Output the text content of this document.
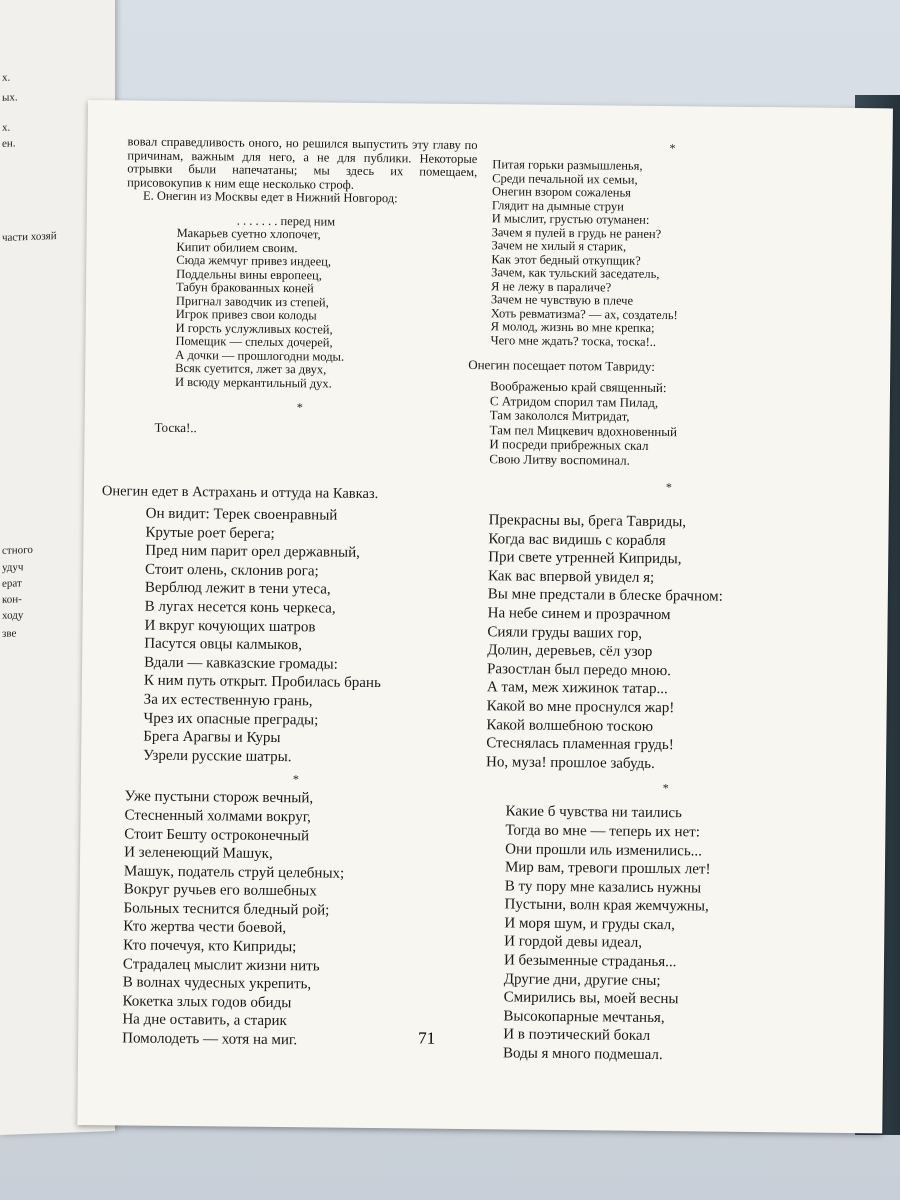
х.
ых.
х.
ен.
части хозяй
стного
удуч
ерат
кон-
ходу
звe

вовал справедливость оного, но решился выпустить эту главу по причинам, важным для него, а не для публики. Некоторые отрывки были напечатаны; мы здесь их помещаем, присовокупив к ним еще несколько строф.

Е. Онегин из Москвы едет в Нижний Новгород:

. . . . . . . перед ним

Макарьев суетно хлопочет,

Кипит обилием своим.

Сюда жемчуг привез индеец,

Поддельны вины европеец,

Табун бракованных коней

Пригнал заводчик из степей,

Игрок привез свои колоды

И горсть услужливых костей,

Помещик — спелых дочерей,

А дочки — прошлогодни моды.

Всяк суетится, лжет за двух,

И всюду меркантильный дух.

*

Тоска!..

Онегин едет в Астрахань и оттуда на Кавказ.

Он видит: Терек своенравный

Крутые роет берега;

Пред ним парит орел державный,

Стоит олень, склонив рога;

Верблюд лежит в тени утеса,

В лугах несется конь черкеса,

И вкруг кочующих шатров

Пасутся овцы калмыков,

Вдали — кавказские громады:

К ним путь открыт. Пробилась брань

За их естественную грань,

Чрез их опасные преграды;

Брега Арагвы и Куры

Узрели русские шатры.

*

Уже пустыни сторож вечный,

Стесненный холмами вокруг,

Стоит Бешту остроконечный

И зеленеющий Машук,

Машук, податель струй целебных;

Вокруг ручьев его волшебных

Больных теснится бледный рой;

Кто жертва чести боевой,

Кто почечуя, кто Киприды;

Страдалец мыслит жизни нить

В волнах чудесных укрепить,

Кокетка злых годов обиды

На дне оставить, а старик

Помолодеть — хотя на миг.

*

Питая горьки размышленья,

Среди печальной их семьи,

Онегин взором сожаленья

Глядит на дымные струи

И мыслит, грустью отуманен:

Зачем я пулей в грудь не ранен?

Зачем не хилый я старик,

Как этот бедный откупщик?

Зачем, как тульский заседатель,

Я не лежу в параличе?

Зачем не чувствую в плече

Хоть ревматизма? — ах, создатель!

Я молод, жизнь во мне крепка;

Чего мне ждать? тоска, тоска!..

Онегин посещает потом Тавриду:

Воображенью край священный:

С Атридом спорил там Пилад,

Там закололся Митридат,

Там пел Мицкевич вдохновенный

И посреди прибрежных скал

Свою Литву воспоминал.

*

Прекрасны вы, брега Тавриды,

Когда вас видишь с корабля

При свете утренней Киприды,

Как вас впервой увидел я;

Вы мне предстали в блеске брачном:

На небе синем и прозрачном

Сияли груды ваших гор,

Долин, деревьев, сёл узор

Разостлан был передо мною.

А там, меж хижинок татар...

Какой во мне проснулся жар!

Какой волшебною тоскою

Стеснялась пламенная грудь!

Но, муза! прошлое забудь.

*

Какие б чувства ни таились

Тогда во мне — теперь их нет:

Они прошли иль изменились...

Мир вам, тревоги прошлых лет!

В ту пору мне казались нужны

Пустыни, волн края жемчужны,

И моря шум, и груды скал,

И гордой девы идеал,

И безыменные страданья...

Другие дни, другие сны;

Смирились вы, моей весны

Высокопарные мечтанья,

И в поэтический бокал

Воды я много подмешал.

71
